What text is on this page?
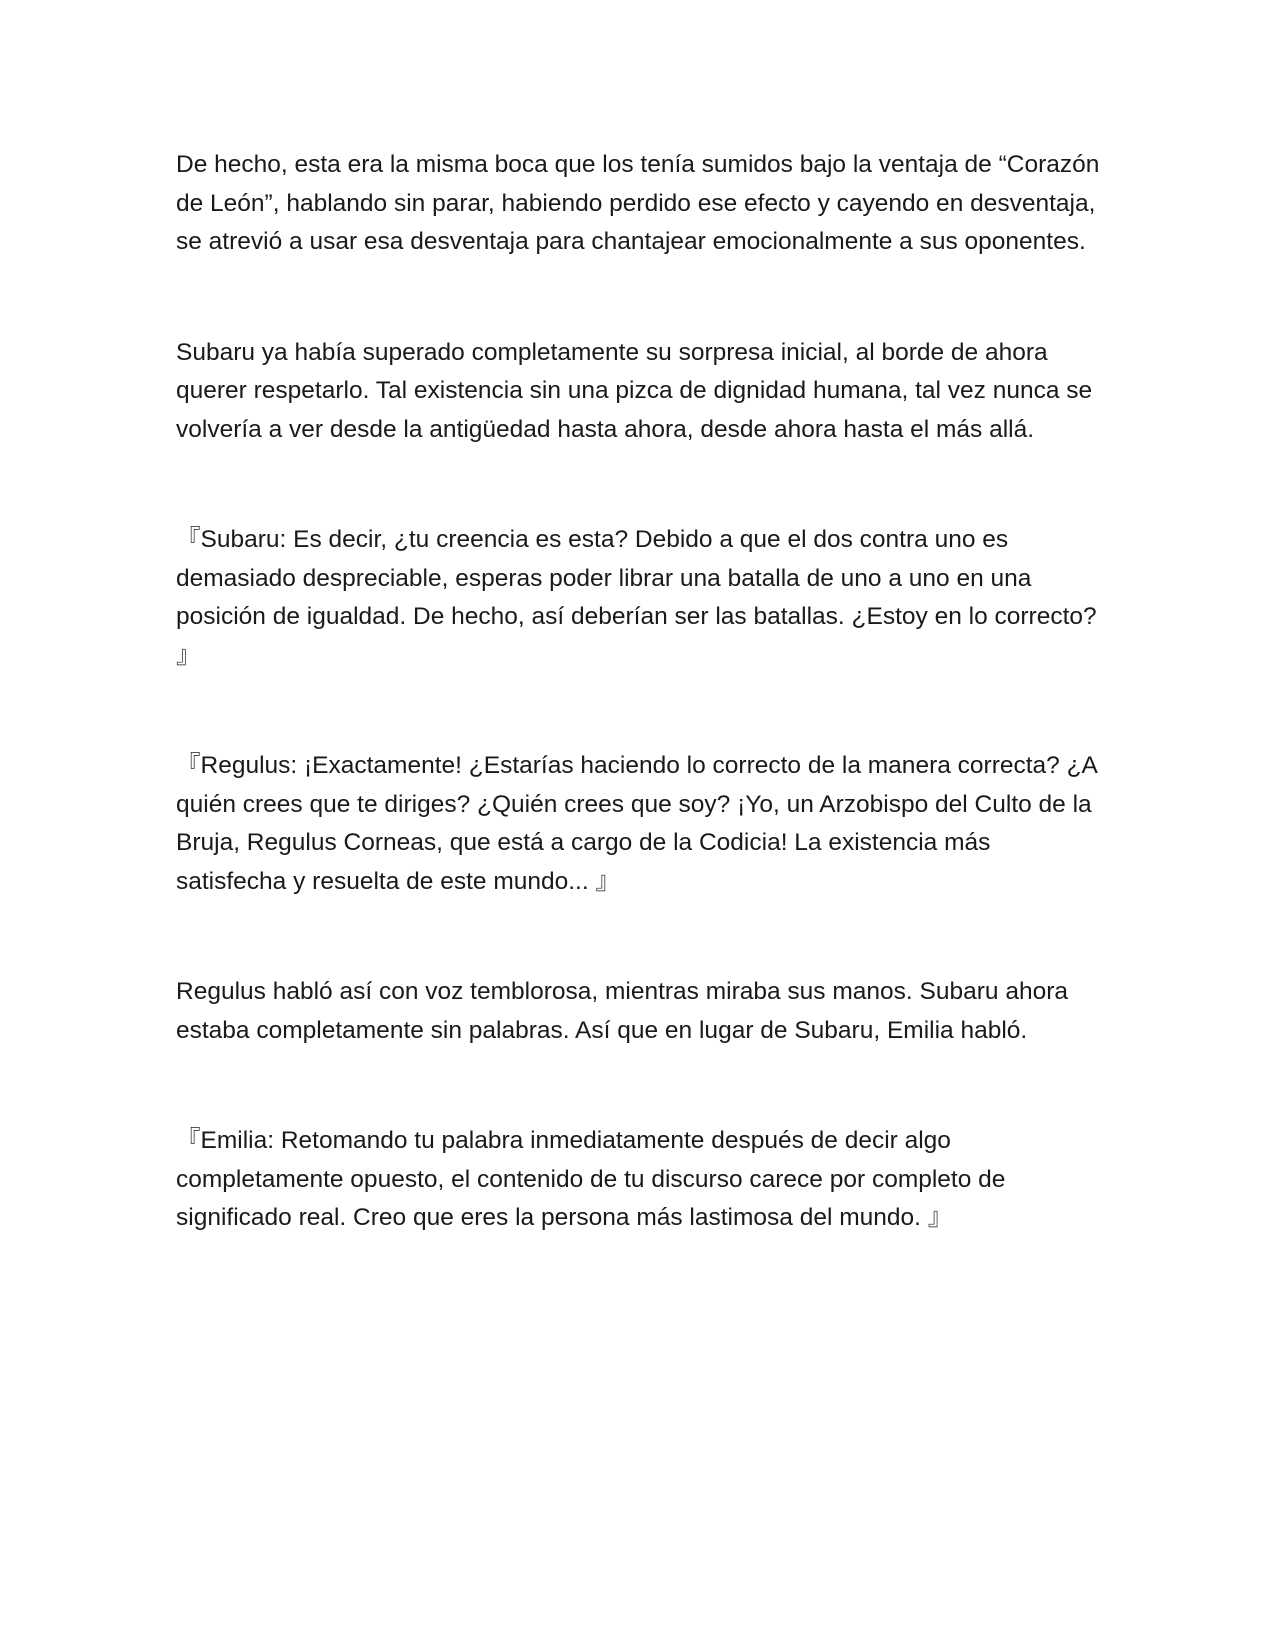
De hecho, esta era la misma boca que los tenía sumidos bajo la ventaja de “Corazón de León”, hablando sin parar, habiendo perdido ese efecto y cayendo en desventaja, se atrevió a usar esa desventaja para chantajear emocionalmente a sus oponentes.

Subaru ya había superado completamente su sorpresa inicial, al borde de ahora querer respetarlo. Tal existencia sin una pizca de dignidad humana, tal vez nunca se volvería a ver desde la antigüedad hasta ahora, desde ahora hasta el más allá.

『Subaru: Es decir, ¿tu creencia es esta? Debido a que el dos contra uno es demasiado despreciable, esperas poder librar una batalla de uno a uno en una posición de igualdad. De hecho, así deberían ser las batallas. ¿Estoy en lo correcto? 』

『Regulus: ¡Exactamente! ¿Estarías haciendo lo correcto de la manera correcta? ¿A quién crees que te diriges? ¿Quién crees que soy? ¡Yo, un Arzobispo del Culto de la Bruja, Regulus Corneas, que está a cargo de la Codicia! La existencia más satisfecha y resuelta de este mundo... 』

Regulus habló así con voz temblorosa, mientras miraba sus manos. Subaru ahora estaba completamente sin palabras. Así que en lugar de Subaru, Emilia habló.

『Emilia: Retomando tu palabra inmediatamente después de decir algo completamente opuesto, el contenido de tu discurso carece por completo de significado real. Creo que eres la persona más lastimosa del mundo. 』
